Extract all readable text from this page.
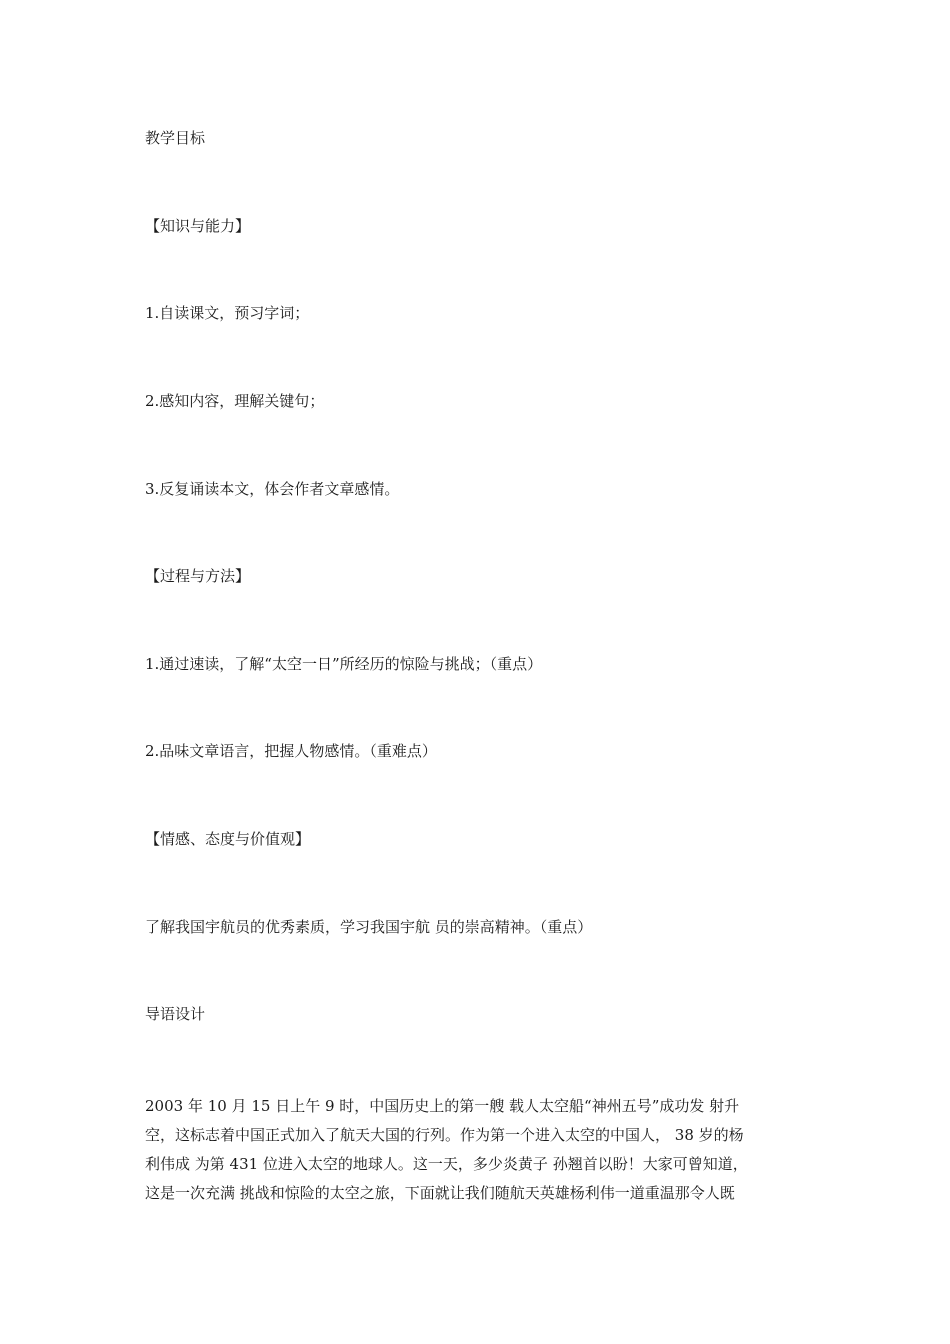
教学目标

【知识与能力】

1.自读课文，预习字词；

2.感知内容，理解关键句；

3.反复诵读本文，体会作者文章感情。

【过程与方法】

1.通过速读，了解“太空一日”所经历的惊险与挑战；（重点）

2.品味文章语言，把握人物感情。（重难点）

【情感、态度与价值观】

了解我国宇航员的优秀素质，学习我国宇航 员的崇高精神。（重点）

导语设计

2003 年 10 月 15 日上午 9 时，中国历史上的第一艘 载人太空船“神州五号”成功发 射升
空，这标志着中国正式加入了航天大国的行列。作为第一个进入太空的中国人， 38 岁的杨
利伟成 为第 431 位进入太空的地球人。这一天，多少炎黄子 孙翘首以盼！大家可曾知道，
这是一次充满 挑战和惊险的太空之旅，下面就让我们随航天英雄杨利伟一道重温那令人既
